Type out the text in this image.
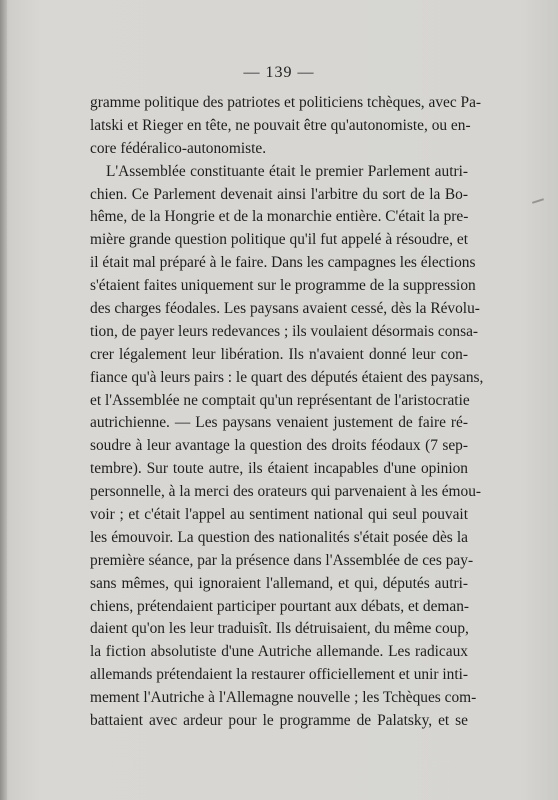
— 139 —
gramme politique des patriotes et politiciens tchèques, avec Pa-
latski et Rieger en tête, ne pouvait être qu'autonomiste, ou en-
core fédéralico-autonomiste.
L'Assemblée constituante était le premier Parlement autri-
chien. Ce Parlement devenait ainsi l'arbitre du sort de la Bo-
hême, de la Hongrie et de la monarchie entière. C'était la pre-
mière grande question politique qu'il fut appelé à résoudre, et
il était mal préparé à le faire. Dans les campagnes les élections
s'étaient faites uniquement sur le programme de la suppression
des charges féodales. Les paysans avaient cessé, dès la Révolu-
tion, de payer leurs redevances ; ils voulaient désormais consa-
crer légalement leur libération. Ils n'avaient donné leur con-
fiance qu'à leurs pairs : le quart des députés étaient des paysans,
et l'Assemblée ne comptait qu'un représentant de l'aristocratie
autrichienne. — Les paysans venaient justement de faire ré-
soudre à leur avantage la question des droits féodaux (7 sep-
tembre). Sur toute autre, ils étaient incapables d'une opinion
personnelle, à la merci des orateurs qui parvenaient à les émou-
voir ; et c'était l'appel au sentiment national qui seul pouvait
les émouvoir. La question des nationalités s'était posée dès la
première séance, par la présence dans l'Assemblée de ces pay-
sans mêmes, qui ignoraient l'allemand, et qui, députés autri-
chiens, prétendaient participer pourtant aux débats, et deman-
daient qu'on les leur traduisît. Ils détruisaient, du même coup,
la fiction absolutiste d'une Autriche allemande. Les radicaux
allemands prétendaient la restaurer officiellement et unir inti-
mement l'Autriche à l'Allemagne nouvelle ; les Tchèques com-
battaient avec ardeur pour le programme de Palatsky, et se
